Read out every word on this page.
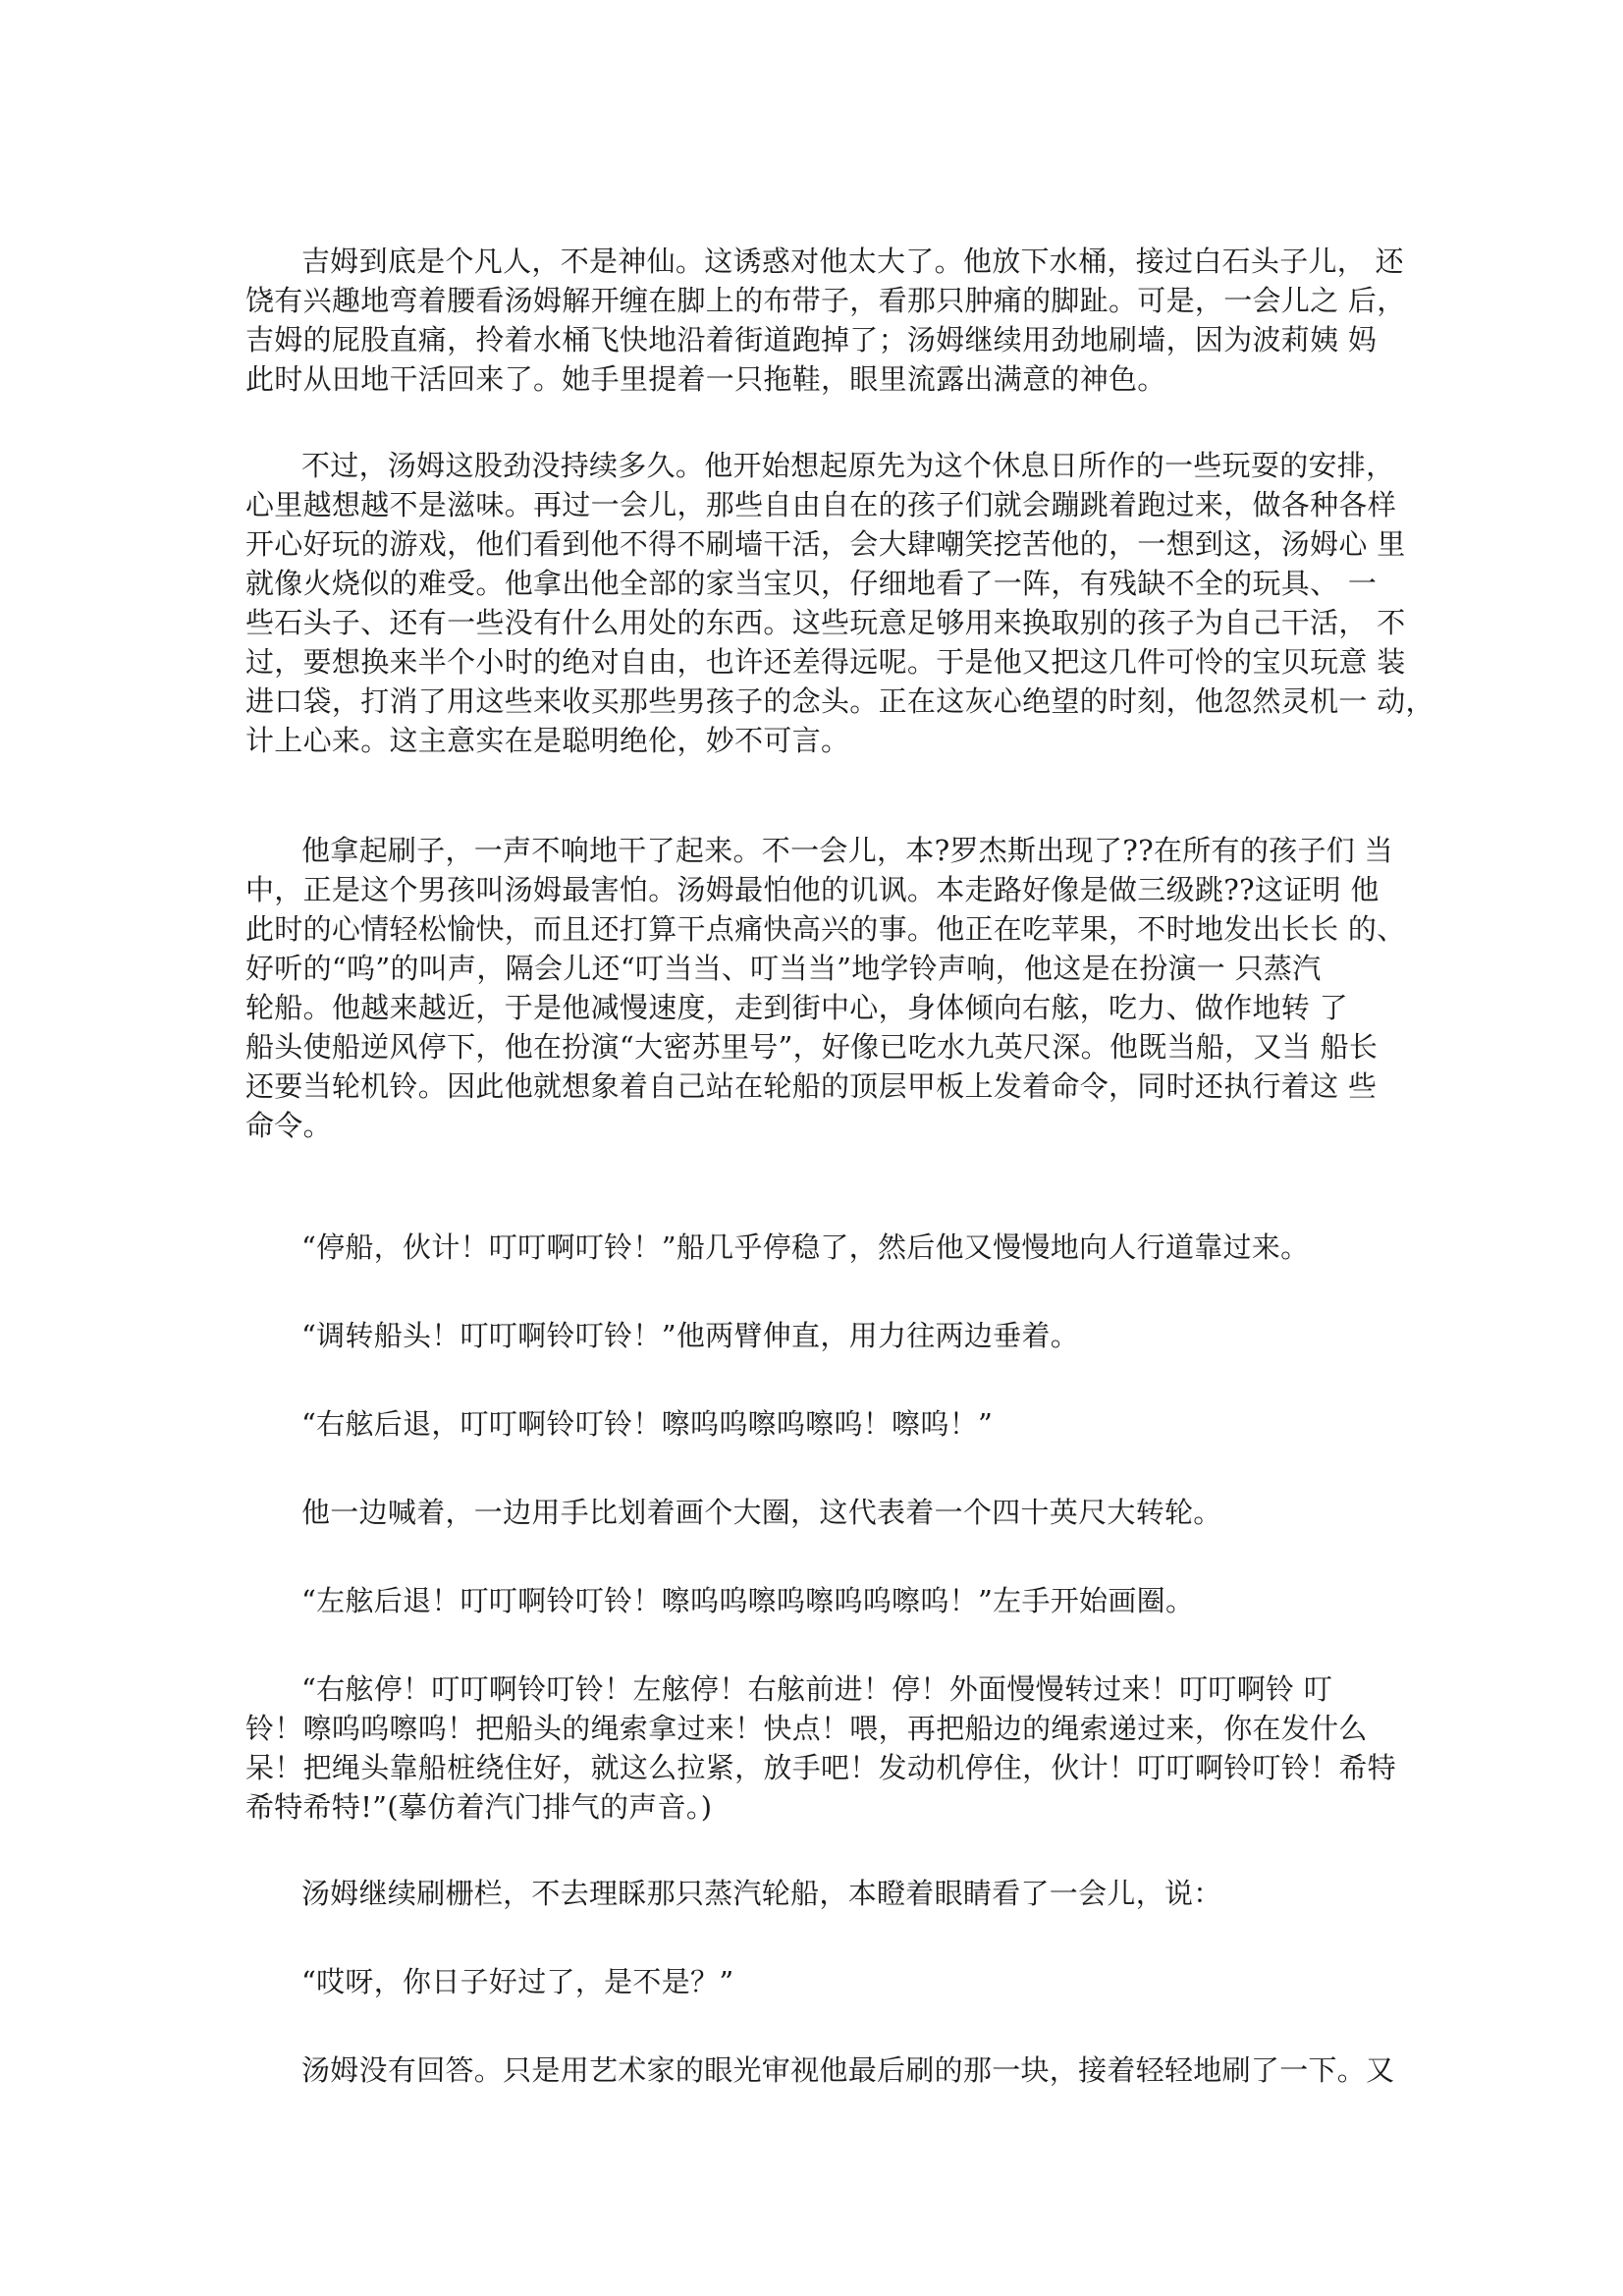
吉姆到底是个凡人，不是神仙。这诱惑对他太大了。他放下水桶，接过白石头子儿， 还
饶有兴趣地弯着腰看汤姆解开缠在脚上的布带子，看那只肿痛的脚趾。可是，一会儿之 后，
吉姆的屁股直痛，拎着水桶飞快地沿着街道跑掉了；汤姆继续用劲地刷墙，因为波莉姨 妈
此时从田地干活回来了。她手里提着一只拖鞋，眼里流露出满意的神色。
不过，汤姆这股劲没持续多久。他开始想起原先为这个休息日所作的一些玩耍的安排，
心里越想越不是滋味。再过一会儿，那些自由自在的孩子们就会蹦跳着跑过来，做各种各样
开心好玩的游戏，他们看到他不得不刷墙干活，会大肆嘲笑挖苦他的，一想到这，汤姆心 里
就像火烧似的难受。他拿出他全部的家当宝贝，仔细地看了一阵，有残缺不全的玩具、 一
些石头子、还有一些没有什么用处的东西。这些玩意足够用来换取别的孩子为自己干活， 不
过，要想换来半个小时的绝对自由，也许还差得远呢。于是他又把这几件可怜的宝贝玩意 装
进口袋，打消了用这些来收买那些男孩子的念头。正在这灰心绝望的时刻，他忽然灵机一 动，
计上心来。这主意实在是聪明绝伦，妙不可言。
他拿起刷子，一声不响地干了起来。不一会儿，本?罗杰斯出现了??在所有的孩子们 当
中，正是这个男孩叫汤姆最害怕。汤姆最怕他的讥讽。本走路好像是做三级跳??这证明 他
此时的心情轻松愉快，而且还打算干点痛快高兴的事。他正在吃苹果，不时地发出长长 的、
好听的“呜”的叫声，隔会儿还“叮当当、叮当当”地学铃声响，他这是在扮演一 只蒸汽
轮船。他越来越近，于是他减慢速度，走到街中心，身体倾向右舷，吃力、做作地转 了
船头使船逆风停下，他在扮演“大密苏里号”，好像已吃水九英尺深。他既当船，又当 船长
还要当轮机铃。因此他就想象着自己站在轮船的顶层甲板上发着命令，同时还执行着这 些
命令。
“停船，伙计！叮叮啊叮铃！”船几乎停稳了，然后他又慢慢地向人行道靠过来。
“调转船头！叮叮啊铃叮铃！”他两臂伸直，用力往两边垂着。
“右舷后退，叮叮啊铃叮铃！嚓呜呜嚓呜嚓呜！嚓呜！”
他一边喊着，一边用手比划着画个大圈，这代表着一个四十英尺大转轮。
“左舷后退！叮叮啊铃叮铃！嚓呜呜嚓呜嚓呜呜嚓呜！”左手开始画圈。
“右舷停！叮叮啊铃叮铃！左舷停！右舷前进！停！外面慢慢转过来！叮叮啊铃 叮
铃！嚓呜呜嚓呜！把船头的绳索拿过来！快点！喂，再把船边的绳索递过来，你在发什么
呆！把绳头靠船桩绕住好，就这么拉紧，放手吧！发动机停住，伙计！叮叮啊铃叮铃！希特
希特希特!”(摹仿着汽门排气的声音。)
汤姆继续刷栅栏，不去理睬那只蒸汽轮船，本瞪着眼睛看了一会儿，说：
“哎呀，你日子好过了，是不是？”
汤姆没有回答。只是用艺术家的眼光审视他最后刷的那一块，接着轻轻地刷了一下。又
